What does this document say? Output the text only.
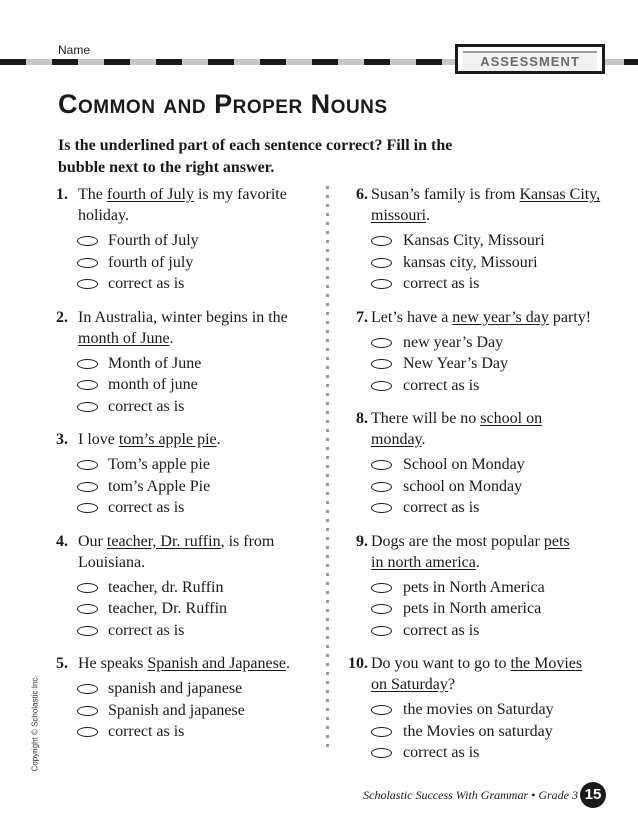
Name
ASSESSMENT
Common and Proper Nouns
Is the underlined part of each sentence correct? Fill in the bubble next to the right answer.
1. The fourth of July is my favorite
holiday.
Fourth of July
fourth of july
correct as is
2. In Australia, winter begins in the
month of June.
Month of June
month of june
correct as is
3. I love tom’s apple pie.
Tom’s apple pie
tom’s Apple Pie
correct as is
4. Our teacher, Dr. ruffin, is from
Louisiana.
teacher, dr. Ruffin
teacher, Dr. Ruffin
correct as is
5. He speaks Spanish and Japanese.
spanish and japanese
Spanish and japanese
correct as is
6. Susan’s family is from Kansas City,
missouri.
Kansas City, Missouri
kansas city, Missouri
correct as is
7. Let’s have a new year’s day party!
new year’s Day
New Year’s Day
correct as is
8. There will be no school on
monday.
School on Monday
school on Monday
correct as is
9. Dogs are the most popular pets
in north america.
pets in North America
pets in North america
correct as is
10. Do you want to go to the Movies
on Saturday?
the movies on Saturday
the Movies on saturday
correct as is
Copyright © Scholastic Inc.
Scholastic Success With Grammar • Grade 3 15
